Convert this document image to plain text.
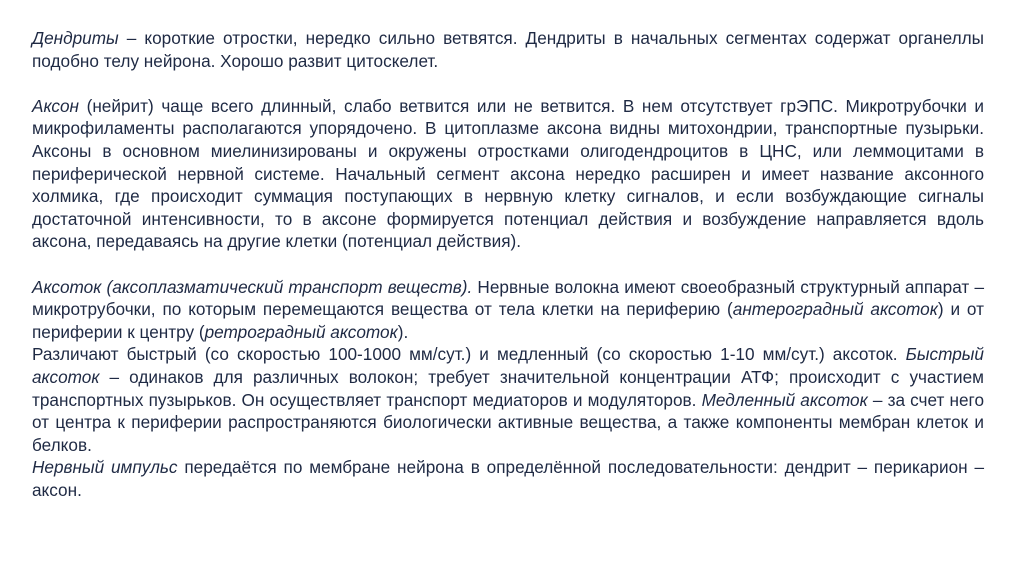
Дендриты – короткие отростки, нередко сильно ветвятся. Дендриты в начальных сегментах содержат органеллы подобно телу нейрона. Хорошо развит цитоскелет.

Аксон (нейрит) чаще всего длинный, слабо ветвится или не ветвится. В нем отсутствует грЭПС. Микротрубочки и микрофиламенты располагаются упорядочено. В цитоплазме аксона видны митохондрии, транспортные пузырьки. Аксоны в основном миелинизированы и окружены отростками олигодендроцитов в ЦНС, или леммоцитами в периферической нервной системе. Начальный сегмент аксона нередко расширен и имеет название аксонного холмика, где происходит суммация поступающих в нервную клетку сигналов, и если возбуждающие сигналы достаточной интенсивности, то в аксоне формируется потенциал действия и возбуждение направляется вдоль аксона, передаваясь на другие клетки (потенциал действия).

Аксоток (аксоплазматический транспорт веществ). Нервные волокна имеют своеобразный структурный аппарат – микротрубочки, по которым перемещаются вещества от тела клетки на периферию (антероградный аксоток) и от периферии к центру (ретроградный аксоток).

Различают быстрый (со скоростью 100-1000 мм/сут.) и медленный (со скоростью 1-10 мм/сут.) аксоток. Быстрый аксоток – одинаков для различных волокон; требует значительной концентрации АТФ; происходит с участием транспортных пузырьков. Он осуществляет транспорт медиаторов и модуляторов. Медленный аксоток – за счет него от центра к периферии распространяются биологически активные вещества, а также компоненты мембран клеток и белков.

Нервный импульс передаётся по мембране нейрона в определённой последовательности: дендрит – перикарион – аксон.
